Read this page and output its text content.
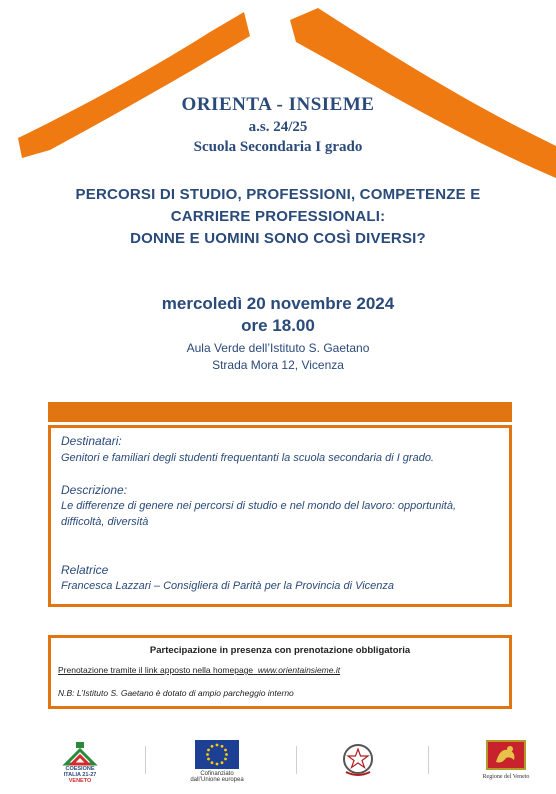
ORIENTA - INSIEME
a.s. 24/25
Scuola Secondaria I grado
PERCORSI DI STUDIO, PROFESSIONI, COMPETENZE E
CARRIERE PROFESSIONALI:
DONNE E UOMINI SONO COSÌ DIVERSI?
mercoledì 20 novembre 2024
ore 18.00
Aula Verde dell’Istituto S. Gaetano
Strada Mora 12, Vicenza
Destinatari:
Genitori e familiari degli studenti frequentanti la scuola secondaria di I grado.
Descrizione:
Le differenze di genere nei percorsi di studio e nel mondo del lavoro: opportunità,
difficoltà, diversità
Relatrice
Francesca Lazzari – Consigliera di Parità per la Provincia di Vicenza
Partecipazione in presenza con prenotazione obbligatoria
Prenotazione tramite il link apposto nella homepage www.orientainsieme.it
N.B: L’Istituto S. Gaetano è dotato di ampio parcheggio interno
COESIONE
ITALIA 21-27
VENETO
Cofinanziato
dall’Unione europea	Regione del Veneto
